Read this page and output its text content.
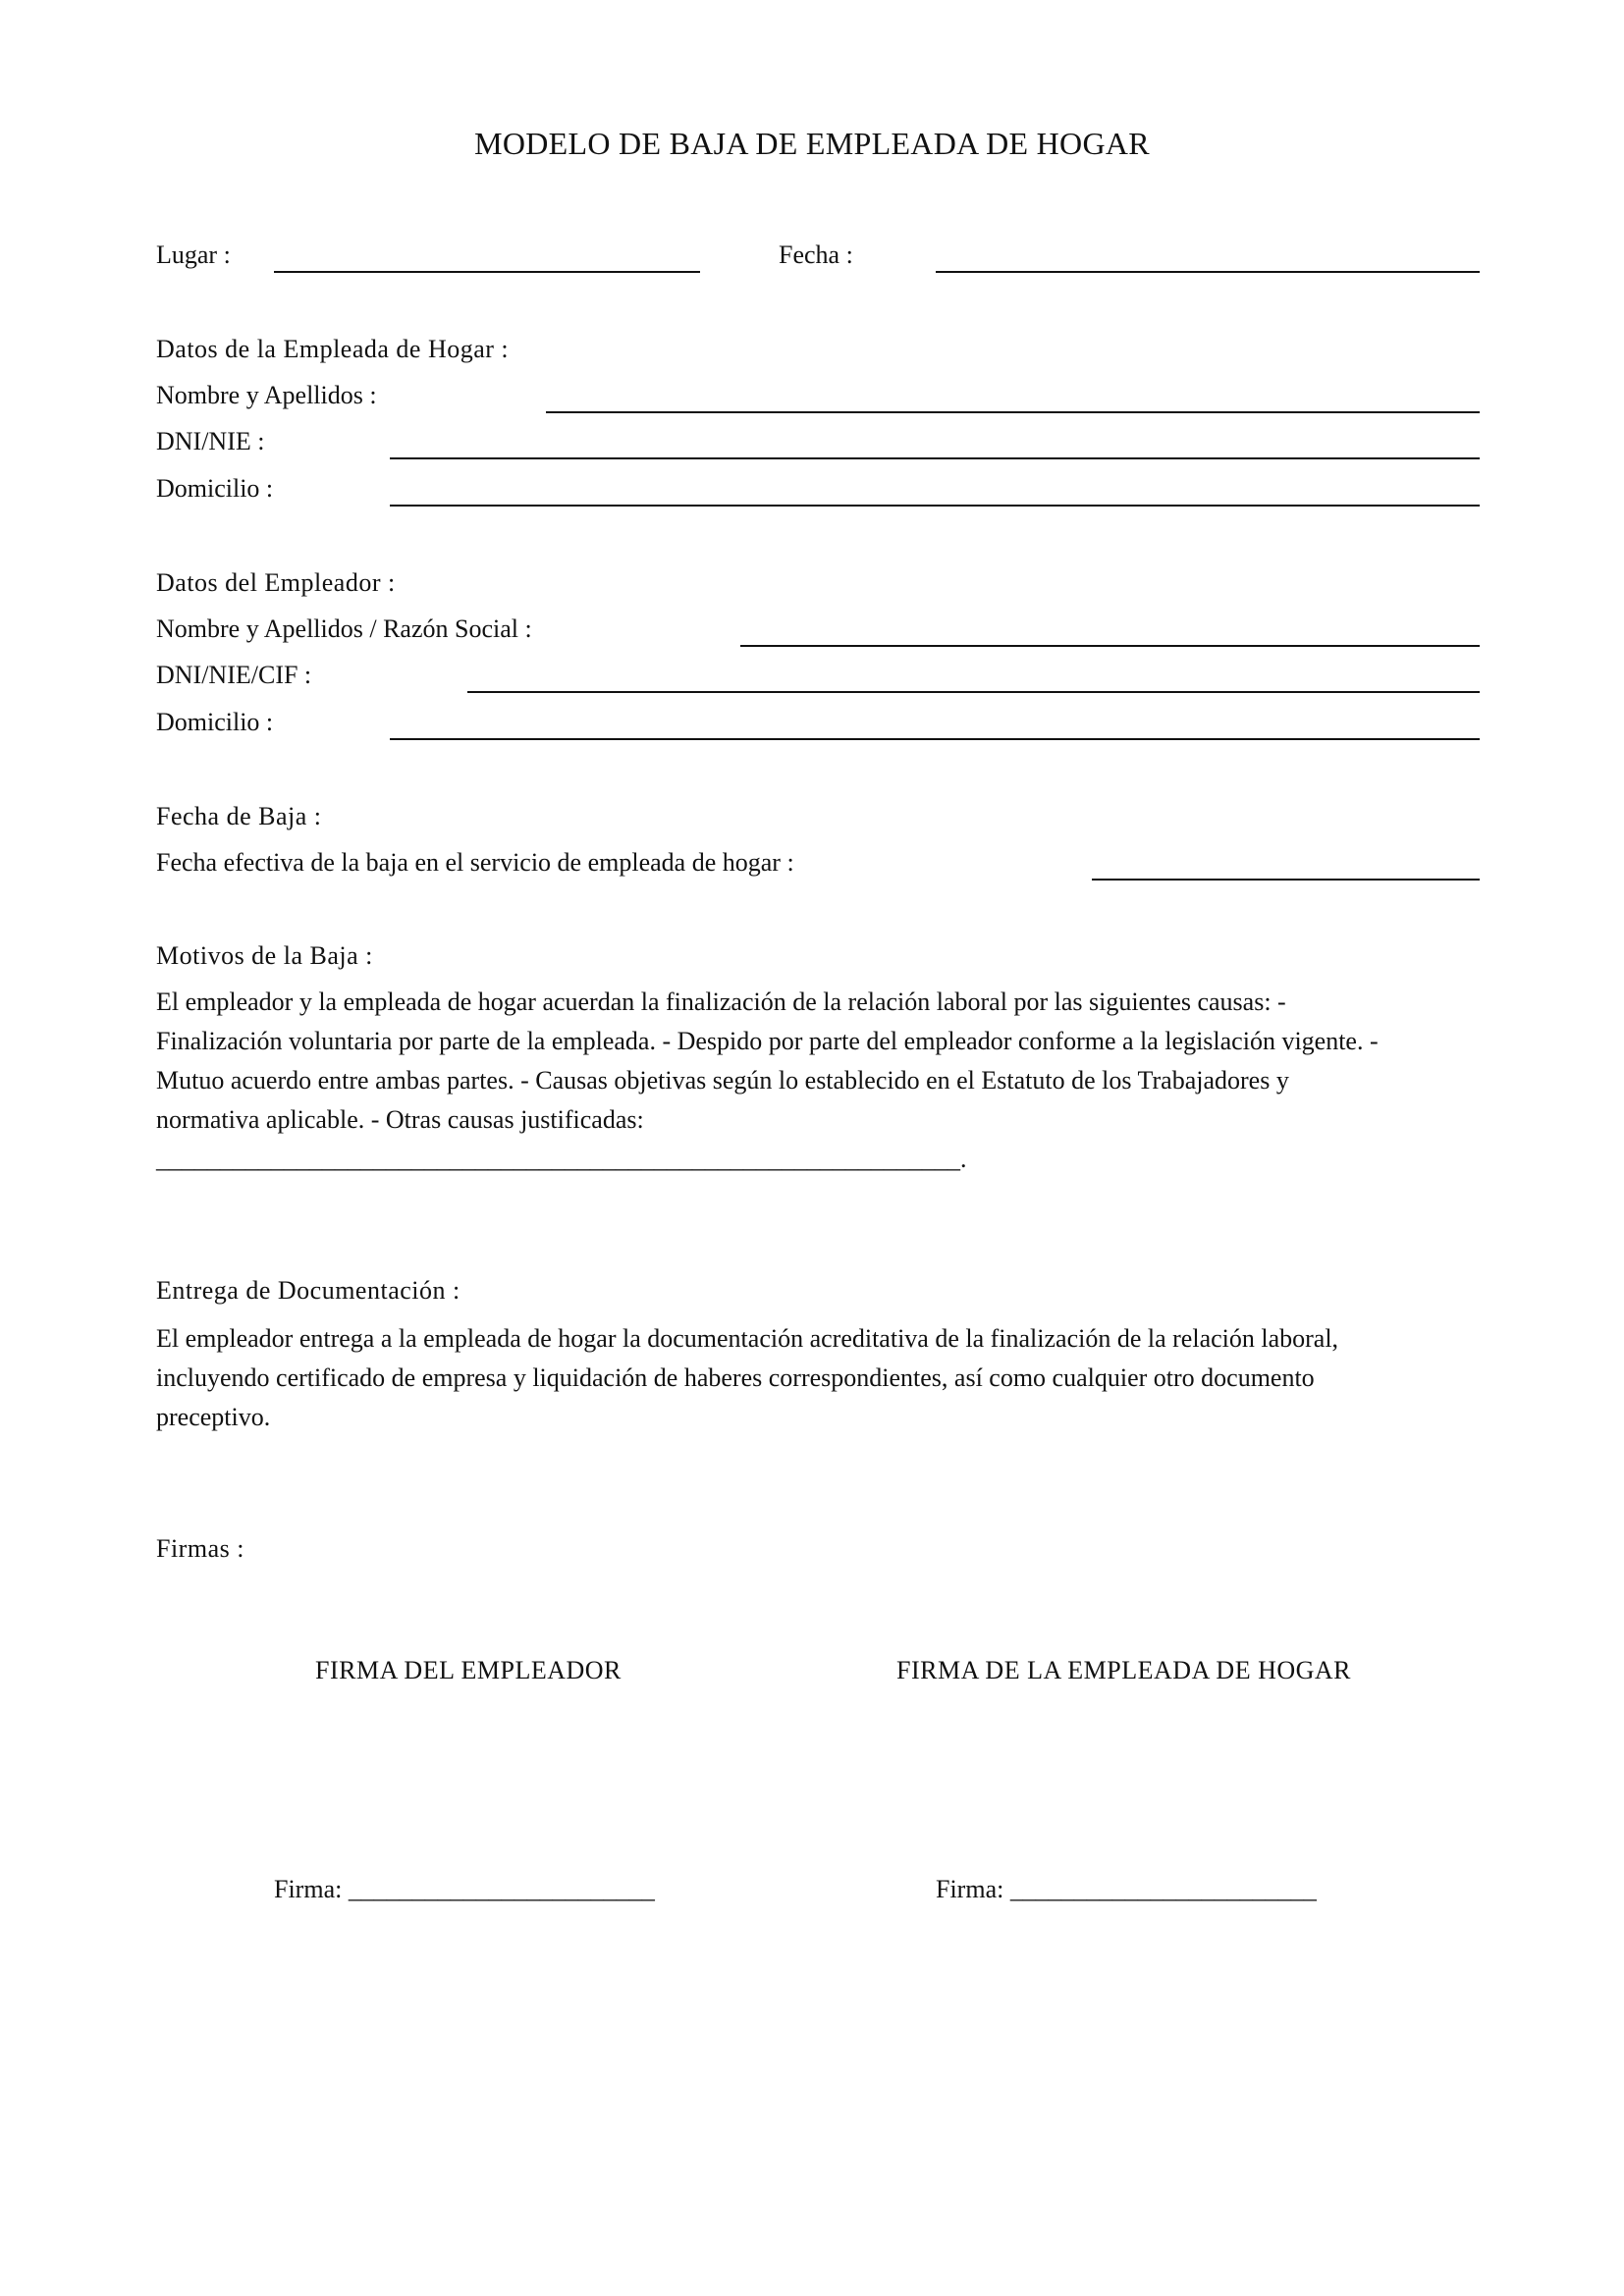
MODELO DE BAJA DE EMPLEADA DE HOGAR
Lugar :	Fecha :
Datos de la Empleada de Hogar :
Nombre y Apellidos :
DNI/NIE :
Domicilio :
Datos del Empleador :
Nombre y Apellidos / Razón Social :
DNI/NIE/CIF :
Domicilio :
Fecha de Baja :
Fecha efectiva de la baja en el servicio de empleada de hogar :
Motivos de la Baja :
El empleador y la empleada de hogar acuerdan la finalización de la relación laboral por las siguientes causas: -
Finalización voluntaria por parte de la empleada. - Despido por parte del empleador conforme a la legislación vigente. -
Mutuo acuerdo entre ambas partes. - Causas objetivas según lo establecido en el Estatuto de los Trabajadores y
normativa aplicable. - Otras causas justificadas:
_______________________________________________________________.
Entrega de Documentación :
El empleador entrega a la empleada de hogar la documentación acreditativa de la finalización de la relación laboral,
incluyendo certificado de empresa y liquidación de haberes correspondientes, así como cualquier otro documento
preceptivo.
Firmas :
FIRMA DEL EMPLEADOR	FIRMA DE LA EMPLEADA DE HOGAR
Firma: ________________________	Firma: ________________________
